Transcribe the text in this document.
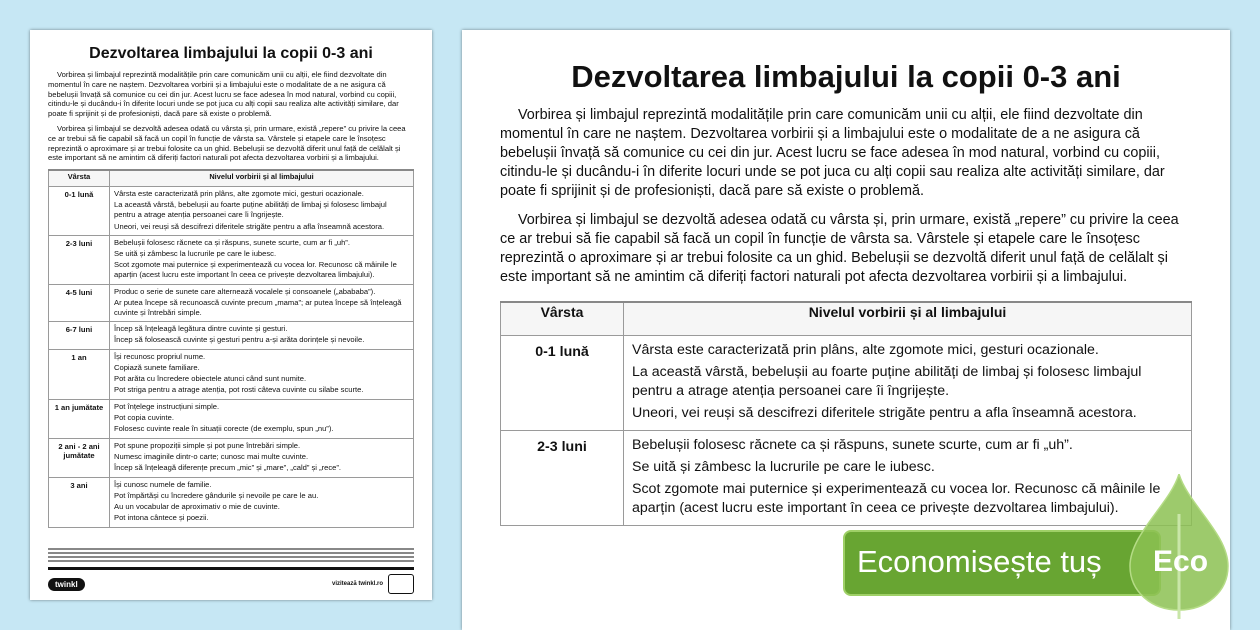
Dezvoltarea limbajului la copii 0-3 ani

Vorbirea și limbajul reprezintă modalitățile prin care comunicăm unii cu alții, ele fiind dezvoltate din momentul în care ne naștem. Dezvoltarea vorbirii și a limbajului este o modalitate de a ne asigura că bebelușii învață să comunice cu cei din jur. Acest lucru se face adesea în mod natural, vorbind cu copiii, citindu-le și ducându-i în diferite locuri unde se pot juca cu alți copii sau realiza alte activități similare, dar poate fi sprijinit și de profesioniști, dacă pare să existe o problemă.

Vorbirea și limbajul se dezvoltă adesea odată cu vârsta și, prin urmare, există „repere” cu privire la ceea ce ar trebui să fie capabil să facă un copil în funcție de vârsta sa. Vârstele și etapele care le însoțesc reprezintă o aproximare și ar trebui folosite ca un ghid. Bebelușii se dezvoltă diferit unul față de celălalt și este important să ne amintim că diferiți factori naturali pot afecta dezvoltarea vorbirii și a limbajului.

Vârsta	Nivelul vorbirii și al limbajului
0-1 lună	Vârsta este caracterizată prin plâns, alte zgomote mici, gesturi ocazionale.
La această vârstă, bebelușii au foarte puține abilități de limbaj și folosesc limbajul pentru a atrage atenția persoanei care îi îngrijește.
Uneori, vei reuși să descifrezi diferitele strigăte pentru a afla înseamnă acestora.

2-3 luni	Bebelușii folosesc răcnete ca și răspuns, sunete scurte, cum ar fi „uh”.
Se uită și zâmbesc la lucrurile pe care le iubesc.
Scot zgomote mai puternice și experimentează cu vocea lor. Recunosc că mâinile le aparțin (acest lucru este important în ceea ce privește dezvoltarea limbajului).

4-5 luni	Produc o serie de sunete care alternează vocalele și consoanele („abababa”).
Ar putea începe să recunoască cuvinte precum „mama”; ar putea începe să înțeleagă cuvinte și întrebări simple.

6-7 luni	Încep să înțeleagă legătura dintre cuvinte și gesturi.
Încep să folosească cuvinte și gesturi pentru a-și arăta dorințele și nevoile.

1 an	Își recunosc propriul nume.
Copiază sunete familiare.
Pot arăta cu încredere obiectele atunci când sunt numite.
Pot striga pentru a atrage atenția, pot rosti câteva cuvinte cu silabe scurte.

1 an jumătate	Pot înțelege instrucțiuni simple.
Pot copia cuvinte.
Folosesc cuvinte reale în situații corecte (de exemplu, spun „nu”).

2 ani - 2 ani jumătate	Pot spune propoziții simple și pot pune întrebări simple.
Numesc imaginile dintr-o carte; cunosc mai multe cuvinte.
Încep să înțeleagă diferențe precum „mic” și „mare”, „cald” și „rece”.

3 ani	Își cunosc numele de familie.
Pot împărtăși cu încredere gândurile și nevoile pe care le au.
Au un vocabular de aproximativ o mie de cuvinte.
Pot intona cântece și poezii.
twinkl	vizitează twinkl.ro
Dezvoltarea limbajului la copii 0-3 ani

Vorbirea și limbajul reprezintă modalitățile prin care comunicăm unii cu alții, ele fiind dezvoltate din momentul în care ne naștem. Dezvoltarea vorbirii și a limbajului este o modalitate de a ne asigura că bebelușii învață să comunice cu cei din jur. Acest lucru se face adesea în mod natural, vorbind cu copiii, citindu-le și ducându-i în diferite locuri unde se pot juca cu alți copii sau realiza alte activități similare, dar poate fi sprijinit și de profesioniști, dacă pare să existe o problemă.

Vorbirea și limbajul se dezvoltă adesea odată cu vârsta și, prin urmare, există „repere” cu privire la ceea ce ar trebui să fie capabil să facă un copil în funcție de vârsta sa. Vârstele și etapele care le însoțesc reprezintă o aproximare și ar trebui folosite ca un ghid. Bebelușii se dezvoltă diferit unul față de celălalt și este important să ne amintim că diferiți factori naturali pot afecta dezvoltarea vorbirii și a limbajului.

Vârsta	Nivelul vorbirii și al limbajului
0-1 lună	Vârsta este caracterizată prin plâns, alte zgomote mici, gesturi ocazionale.
La această vârstă, bebelușii au foarte puține abilități de limbaj și folosesc limbajul pentru a atrage atenția persoanei care îi îngrijește.
Uneori, vei reuși să descifrezi diferitele strigăte pentru a afla înseamnă acestora.

2-3 luni	Bebelușii folosesc răcnete ca și răspuns, sunete scurte, cum ar fi „uh”.
Se uită și zâmbesc la lucrurile pe care le iubesc.
Scot zgomote mai puternice și experimentează cu vocea lor. Recunosc că mâinile le aparțin (acest lucru este important în ceea ce privește dezvoltarea limbajului).
Economisește tuș Eco
